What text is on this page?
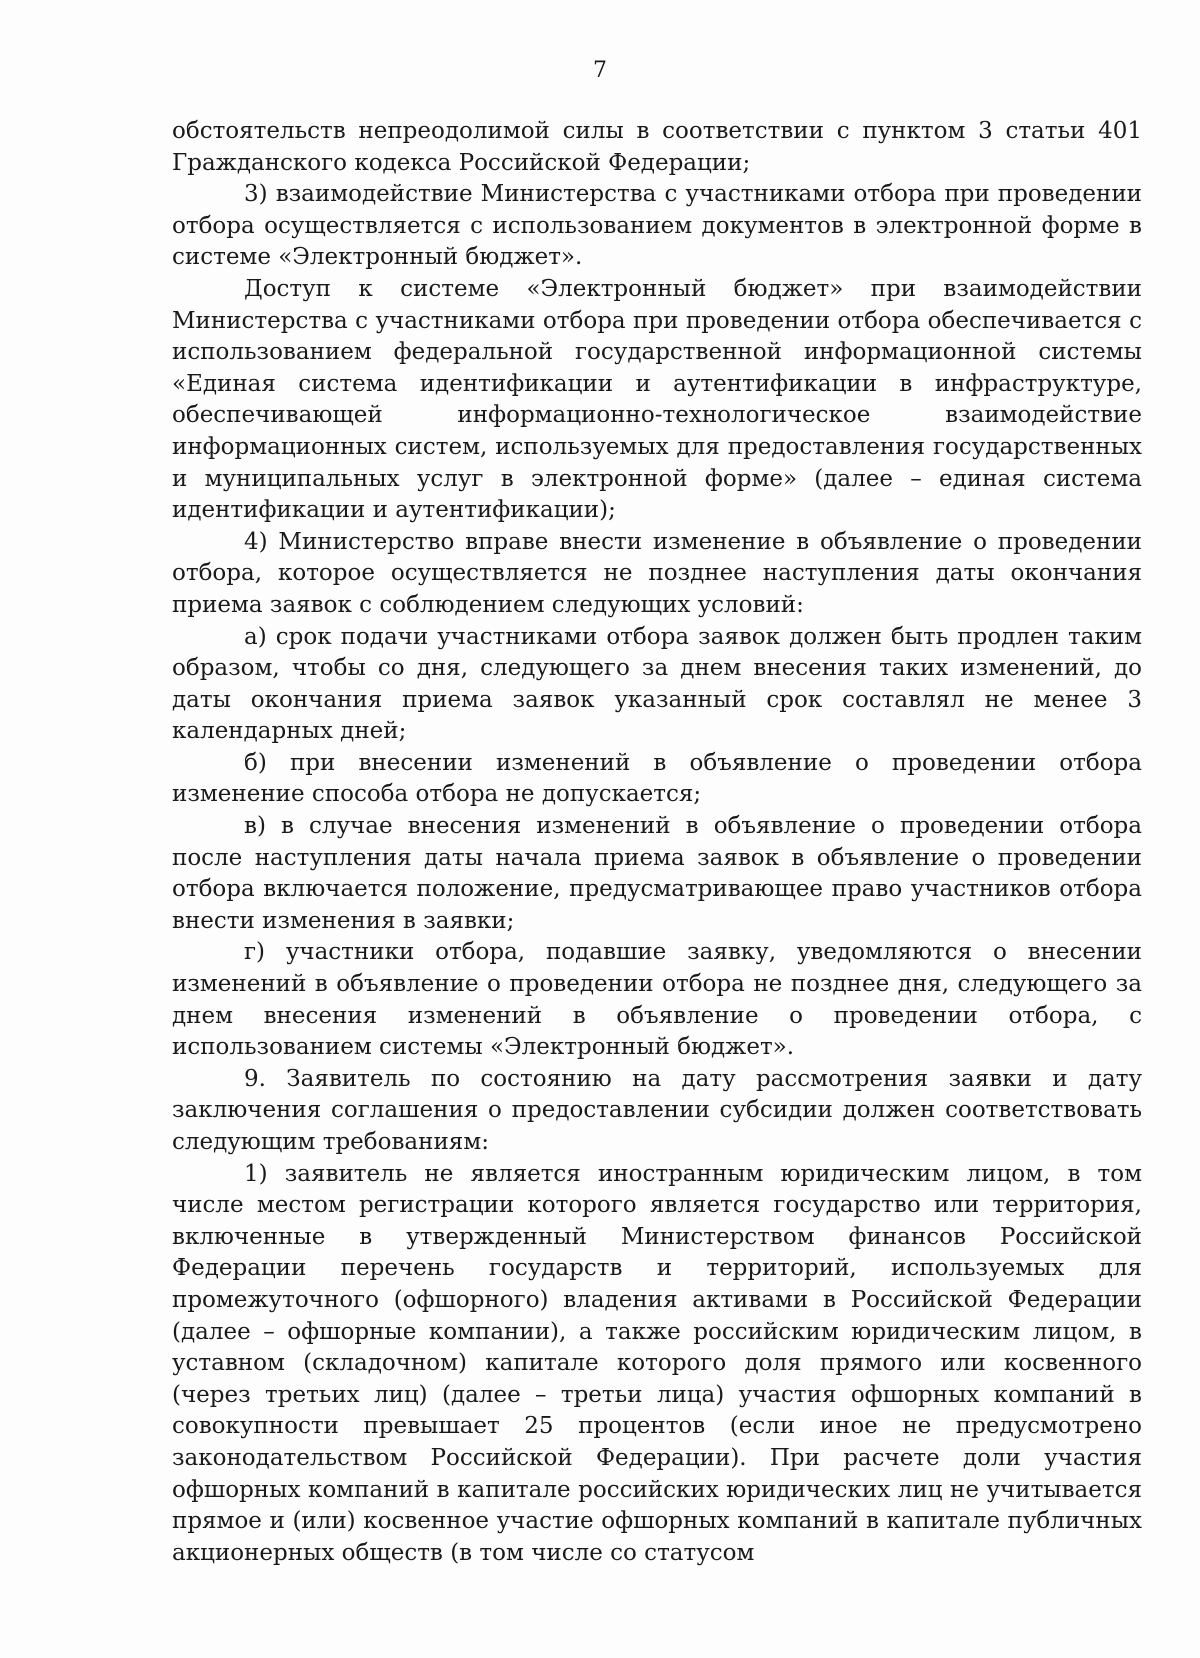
7

обстоятельств непреодолимой силы в соответствии с пунктом 3 статьи 401 Гражданского кодекса Российской Федерации;

3) взаимодействие Министерства с участниками отбора при проведении отбора осуществляется с использованием документов в электронной форме в системе «Электронный бюджет».

Доступ к системе «Электронный бюджет» при взаимодействии Министерства с участниками отбора при проведении отбора обеспечивается с использованием федеральной государственной информационной системы «Единая система идентификации и аутентификации в инфраструктуре, обеспечивающей информационно-технологическое взаимодействие информационных систем, используемых для предоставления государственных и муниципальных услуг в электронной форме» (далее – единая система идентификации и аутентификации);

4) Министерство вправе внести изменение в объявление о проведении отбора, которое осуществляется не позднее наступления даты окончания приема заявок с соблюдением следующих условий:

а) срок подачи участниками отбора заявок должен быть продлен таким образом, чтобы со дня, следующего за днем внесения таких изменений, до даты окончания приема заявок указанный срок составлял не менее 3 календарных дней;

б) при внесении изменений в объявление о проведении отбора изменение способа отбора не допускается;

в) в случае внесения изменений в объявление о проведении отбора после наступления даты начала приема заявок в объявление о проведении отбора включается положение, предусматривающее право участников отбора внести изменения в заявки;

г) участники отбора, подавшие заявку, уведомляются о внесении изменений в объявление о проведении отбора не позднее дня, следующего за днем внесения изменений в объявление о проведении отбора, с использованием системы «Электронный бюджет».

9. Заявитель по состоянию на дату рассмотрения заявки и дату заключения соглашения о предоставлении субсидии должен соответствовать следующим требованиям:

1) заявитель не является иностранным юридическим лицом, в том числе местом регистрации которого является государство или территория, включенные в утвержденный Министерством финансов Российской Федерации перечень государств и территорий, используемых для промежуточного (офшорного) владения активами в Российской Федерации (далее – офшорные компании), а также российским юридическим лицом, в уставном (складочном) капитале которого доля прямого или косвенного (через третьих лиц) (далее – третьи лица) участия офшорных компаний в совокупности превышает 25 процентов (если иное не предусмотрено законодательством Российской Федерации). При расчете доли участия офшорных компаний в капитале российских юридических лиц не учитывается прямое и (или) косвенное участие офшорных компаний в капитале публичных акционерных обществ (в том числе со статусом
